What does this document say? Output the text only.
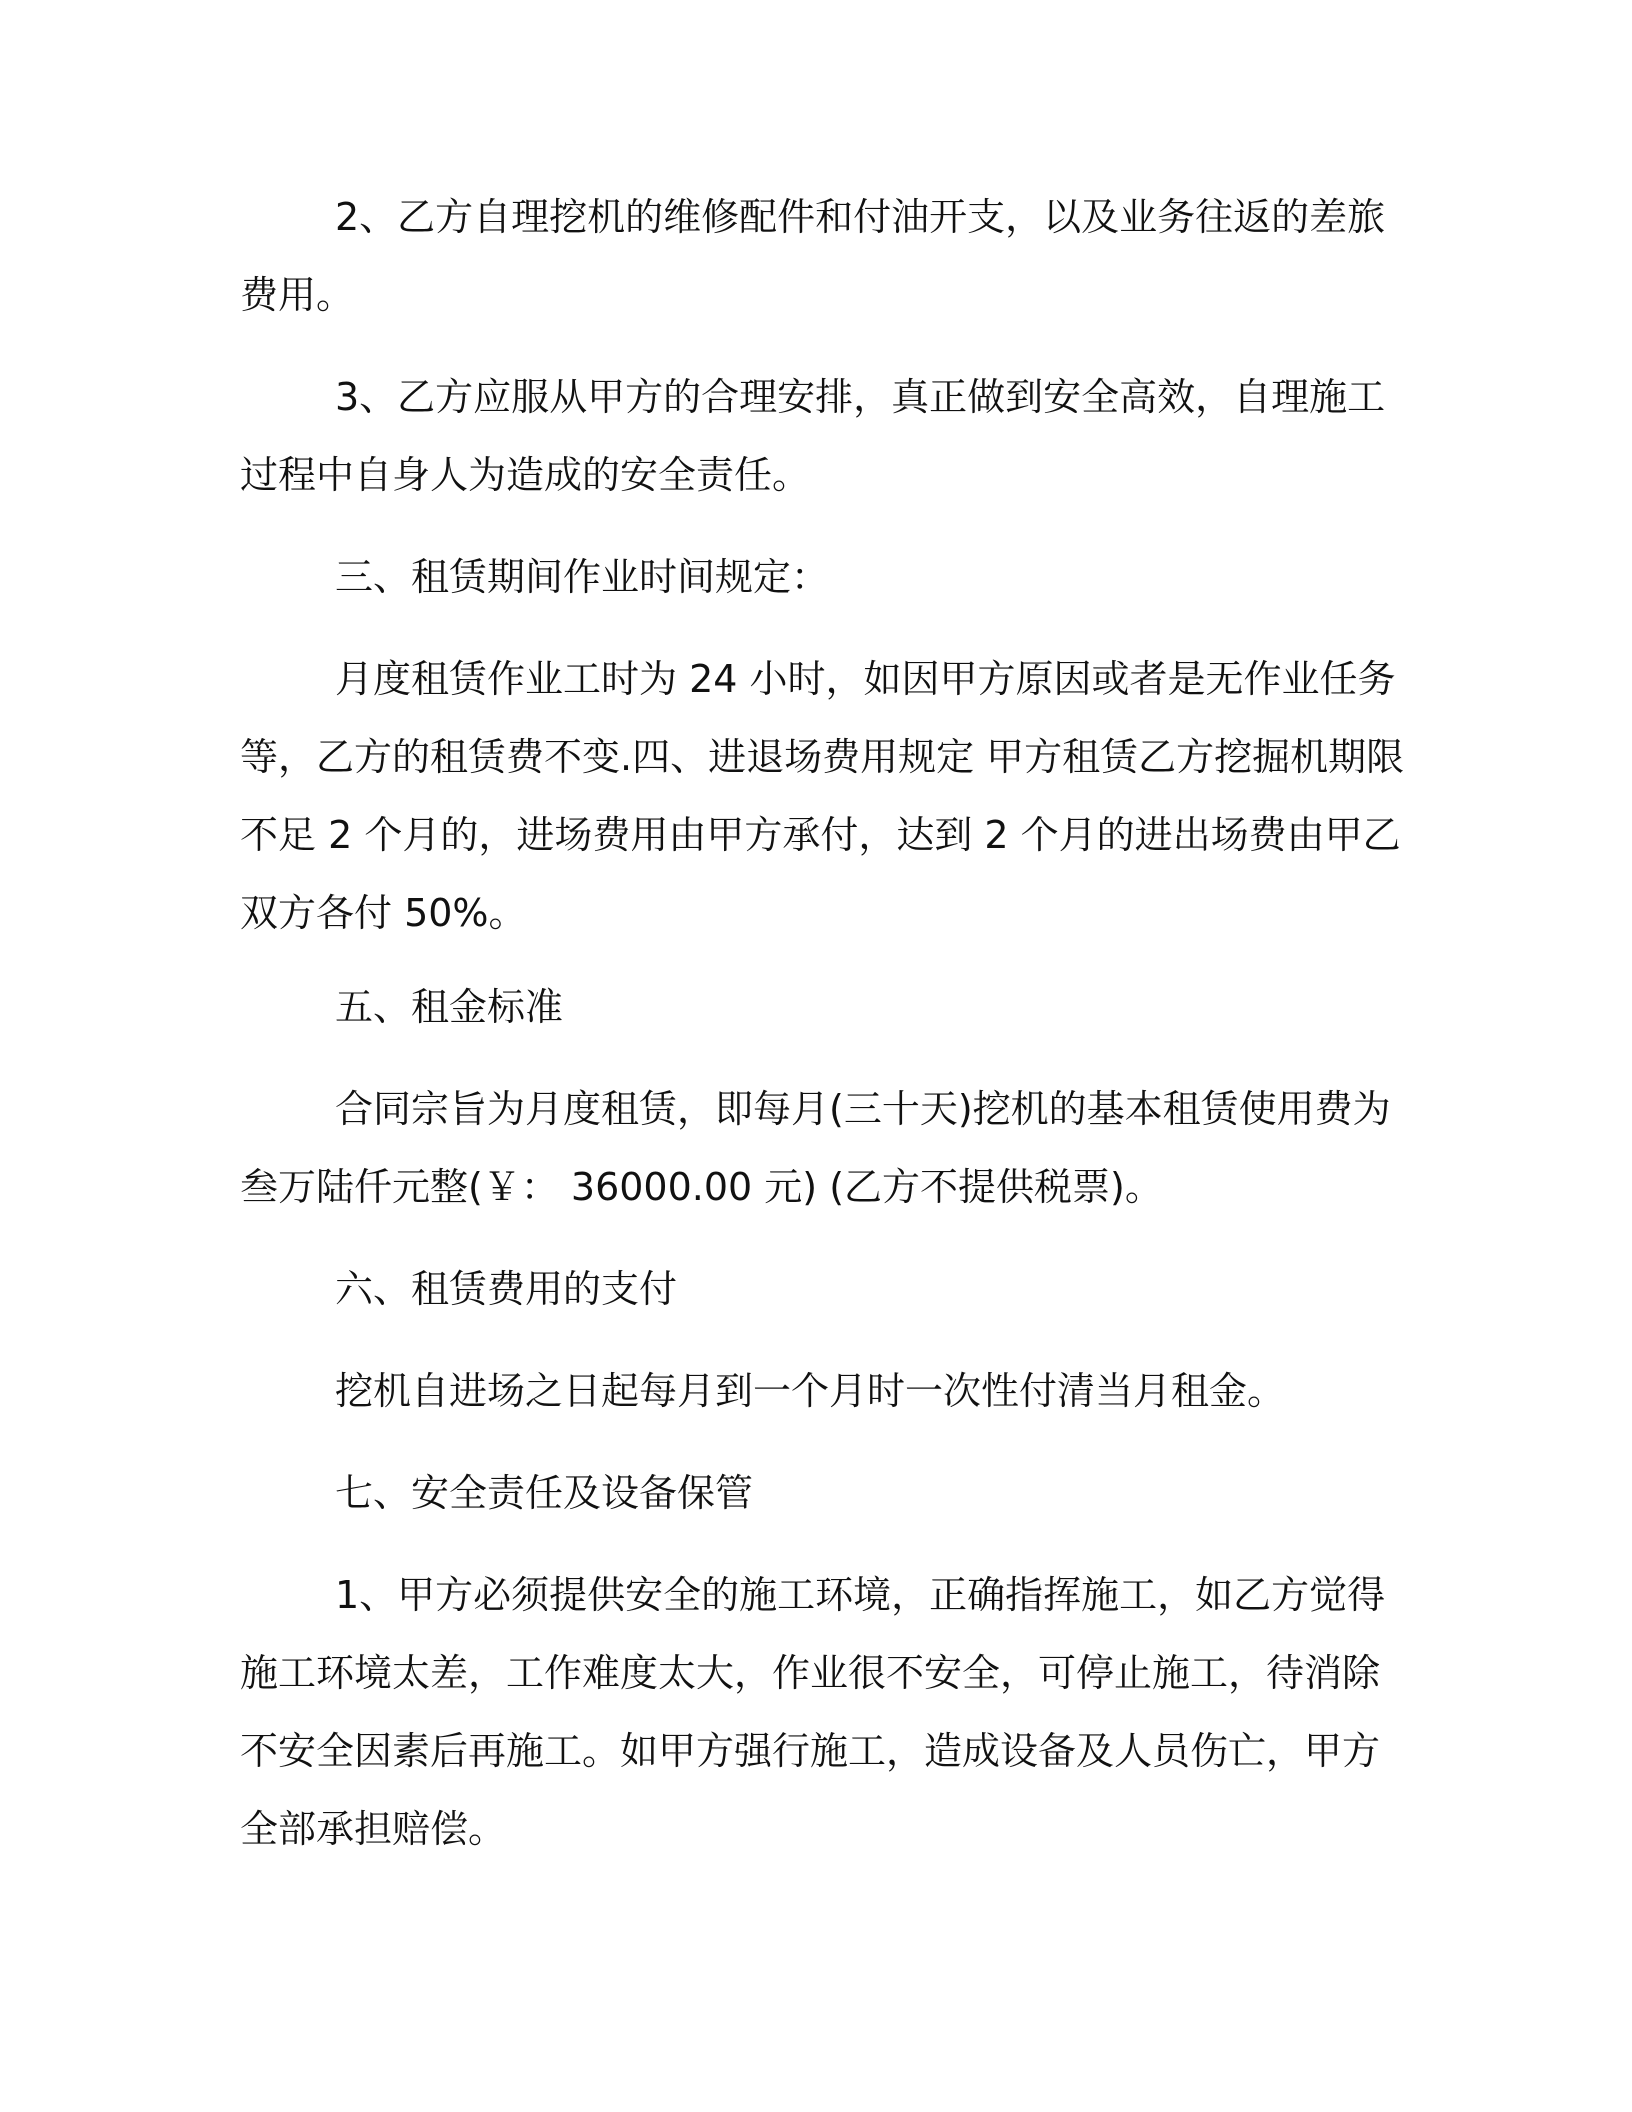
2、乙方自理挖机的维修配件和付油开支，以及业务往返的差旅
费用。
3、乙方应服从甲方的合理安排，真正做到安全高效，自理施工
过程中自身人为造成的安全责任。
三、租赁期间作业时间规定：
月度租赁作业工时为 24 小时，如因甲方原因或者是无作业任务
等，乙方的租赁费不变.四、进退场费用规定 甲方租赁乙方挖掘机期限
不足 2 个月的，进场费用由甲方承付，达到 2 个月的进出场费由甲乙
双方各付 50%。
五、租金标准
合同宗旨为月度租赁，即每月(三十天)挖机的基本租赁使用费为
叁万陆仟元整(￥： 36000.00 元) (乙方不提供税票)。
六、租赁费用的支付
挖机自进场之日起每月到一个月时一次性付清当月租金。
七、安全责任及设备保管
1、甲方必须提供安全的施工环境，正确指挥施工，如乙方觉得
施工环境太差，工作难度太大，作业很不安全，可停止施工，待消除
不安全因素后再施工。如甲方强行施工，造成设备及人员伤亡，甲方
全部承担赔偿。
